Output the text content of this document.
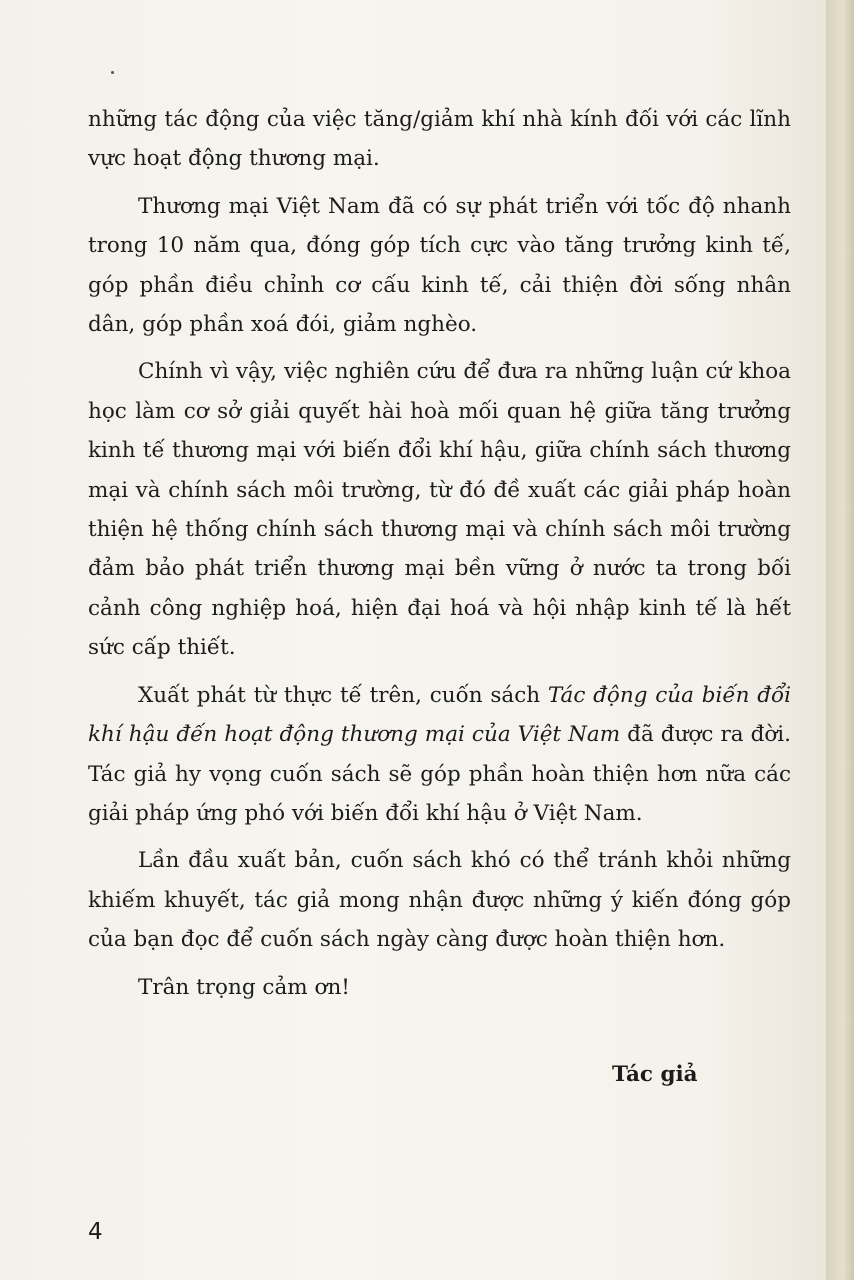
những tác động của việc tăng/giảm khí nhà kính đối với các lĩnh vực hoạt động thương mại.

Thương mại Việt Nam đã có sự phát triển với tốc độ nhanh trong 10 năm qua, đóng góp tích cực vào tăng trưởng kinh tế, góp phần điều chỉnh cơ cấu kinh tế, cải thiện đời sống nhân dân, góp phần xoá đói, giảm nghèo.

Chính vì vậy, việc nghiên cứu để đưa ra những luận cứ khoa học làm cơ sở giải quyết hài hoà mối quan hệ giữa tăng trưởng kinh tế thương mại với biến đổi khí hậu, giữa chính sách thương mại và chính sách môi trường, từ đó đề xuất các giải pháp hoàn thiện hệ thống chính sách thương mại và chính sách môi trường đảm bảo phát triển thương mại bền vững ở nước ta trong bối cảnh công nghiệp hoá, hiện đại hoá và hội nhập kinh tế là hết sức cấp thiết.

Xuất phát từ thực tế trên, cuốn sách Tác động của biến đổi khí hậu đến hoạt động thương mại của Việt Nam đã được ra đời. Tác giả hy vọng cuốn sách sẽ góp phần hoàn thiện hơn nữa các giải pháp ứng phó với biến đổi khí hậu ở Việt Nam.

Lần đầu xuất bản, cuốn sách khó có thể tránh khỏi những khiếm khuyết, tác giả mong nhận được những ý kiến đóng góp của bạn đọc để cuốn sách ngày càng được hoàn thiện hơn.

Trân trọng cảm ơn!

Tác giả
4
